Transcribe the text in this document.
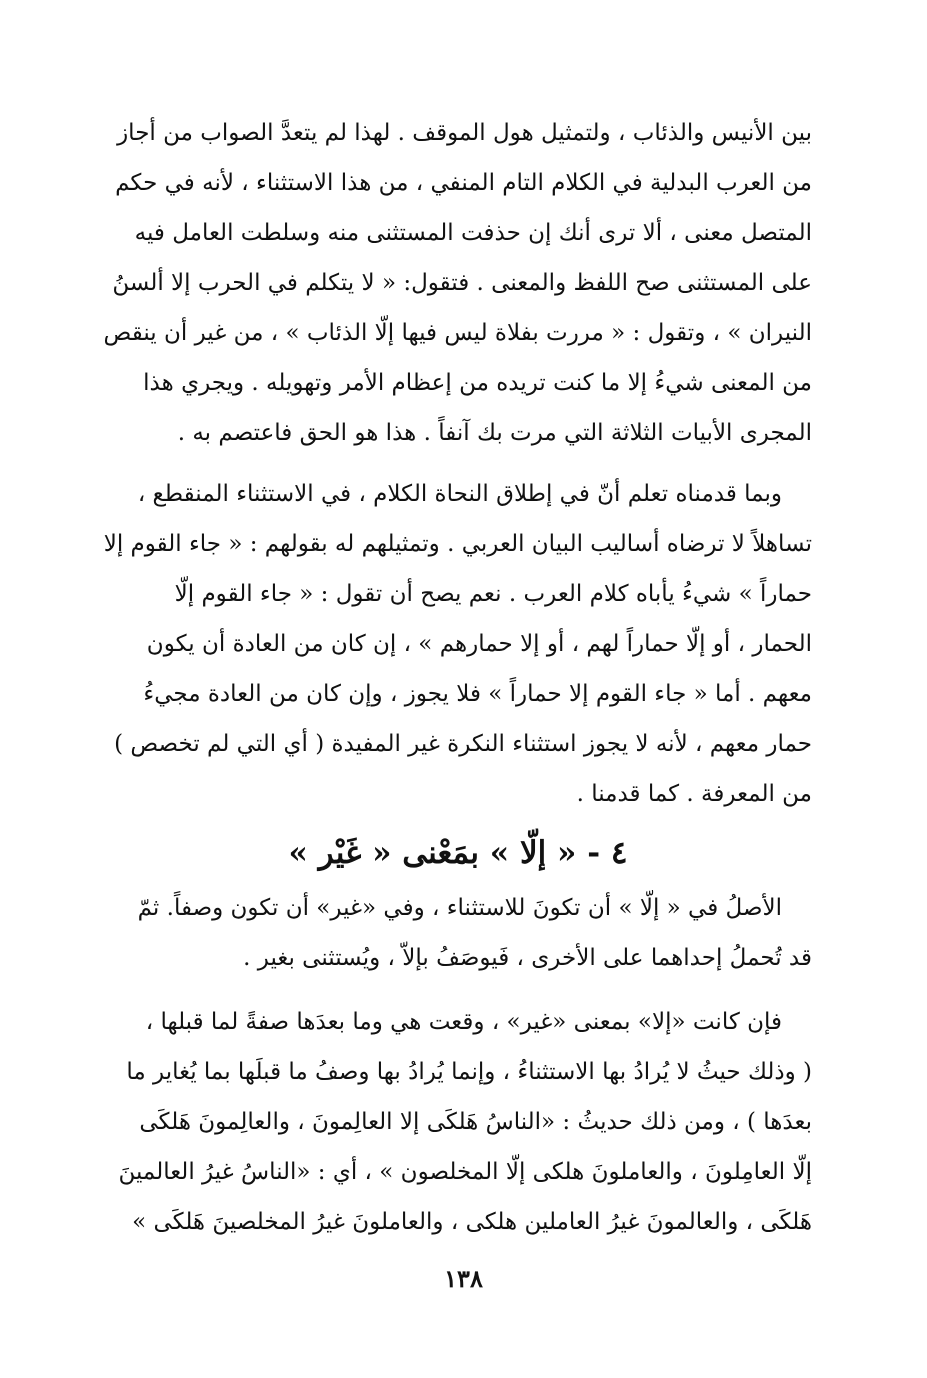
بين الأنيس والذئاب ، ولتمثيل هول الموقف . لهذا لم يتعدَّ الصواب من أجاز
من العرب البدلية في الكلام التام المنفي ، من هذا الاستثناء ، لأنه في حكم
المتصل معنى ، ألا ترى أنك إن حذفت المستثنى منه وسلطت العامل فيه
على المستثنى صح اللفظ والمعنى . فتقول: « لا يتكلم في الحرب إلا ألسنُ
النيران » ، وتقول : « مررت بفلاة ليس فيها إلّا الذئاب » ، من غير أن ينقص
من المعنى شيءُ إلا ما كنت تريده من إعظام الأمر وتهويله . ويجري هذا
المجرى الأبيات الثلاثة التي مرت بك آنفاً . هذا هو الحق فاعتصم به .
وبما قدمناه تعلم أنّ في إطلاق النحاة الكلام ، في الاستثناء المنقطع ،
تساهلاً لا ترضاه أساليب البيان العربي . وتمثيلهم له بقولهم : « جاء القوم إلا
حماراً » شيءُ يأباه كلام العرب . نعم يصح أن تقول : « جاء القوم إلّا
الحمار ، أو إلّا حماراً لهم ، أو إلا حمارهم » ، إن كان من العادة أن يكون
معهم . أما « جاء القوم إلا حماراً » فلا يجوز ، وإن كان من العادة مجيءُ
حمار معهم ، لأنه لا يجوز استثناء النكرة غير المفيدة ( أي التي لم تخصص )
من المعرفة . كما قدمنا .
٤ - « إلّا » بمَعْنى « غَيْر »
الأصلُ في « إلّا » أن تكونَ للاستثناء ، وفي «غير» أن تكون وصفاً. ثمّ
قد تُحملُ إحداهما على الأخرى ، فَيوصَفُ بإلاّ ، ويُستثنى بغير .
فإن كانت «إلا» بمعنى «غير» ، وقعت هي وما بعدَها صفةً لما قبلها ،
( وذلك حيثُ لا يُرادُ بها الاستثناءُ ، وإنما يُرادُ بها وصفُ ما قبلَها بما يُغاير ما
بعدَها ) ، ومن ذلك حديثُ : «الناسُ هَلكَى إلا العالِمونَ ، والعالِمونَ هَلكَى
إلّا العامِلونَ ، والعاملونَ هلكى إلّا المخلصون » ، أي : «الناسُ غيرُ العالمينَ
هَلكَى ، والعالمونَ غيرُ العاملين هلكى ، والعاملونَ غيرُ المخلصينَ هَلكَى »
١٣٨
